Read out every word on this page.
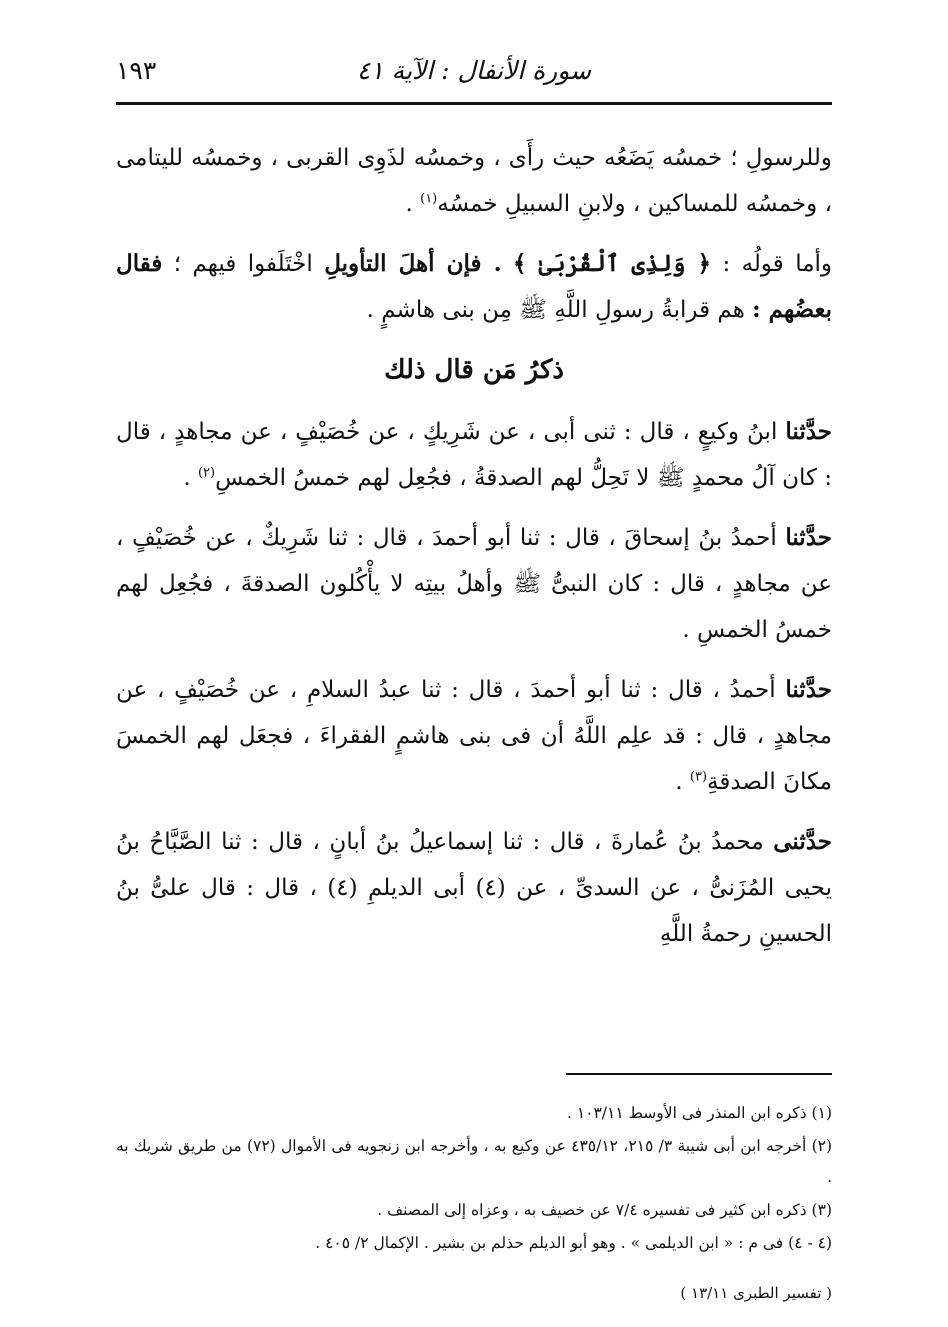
١٩٣	سورة الأنفال : الآية ٤١

وللرسولِ ؛ خمسُه يَضَعُه حيث رأَى ، وخمسُه لذَوِى القربى ، وخمسُه لليتامى ، وخمسُه للمساكين ، ولابنِ السبيلِ خمسُه$^{(١)}$ .

وأما قولُه : ﴿ وَلِذِى ٱلْقُرْبَىٰ ﴾ . فإن أهلَ التأويلِ اخْتَلَفوا فيهم ؛ فقال بعضُهم : هم قرابةُ رسولِ اللَّهِ ﷺ مِن بنى هاشمٍ .

ذكرُ مَن قال ذلك

حدَّثنا ابنُ وكيعٍ ، قال : ثنى أبى ، عن شَرِيكٍ ، عن خُصَيْفٍ ، عن مجاهدٍ ، قال : كان آلُ محمدٍ ﷺ لا تَحِلُّ لهم الصدقةُ ، فجُعِل لهم خمسُ الخمسِ$^{(٢)}$ .

حدَّثنا أحمدُ بنُ إسحاقَ ، قال : ثنا أبو أحمدَ ، قال : ثنا شَرِيكٌ ، عن خُصَيْفٍ ، عن مجاهدٍ ، قال : كان النبىُّ ﷺ وأهلُ بيتِه لا يأْكُلون الصدقةَ ، فجُعِل لهم خمسُ الخمسِ .

حدَّثنا أحمدُ ، قال : ثنا أبو أحمدَ ، قال : ثنا عبدُ السلامِ ، عن خُصَيْفٍ ، عن مجاهدٍ ، قال : قد علِم اللَّهُ أن فى بنى هاشمٍ الفقراءَ ، فجعَل لهم الخمسَ مكانَ الصدقةِ$^{(٣)}$ .

حدَّثنى محمدُ بنُ عُمارةَ ، قال : ثنا إسماعيلُ بنُ أبانٍ ، قال : ثنا الصَّبَّاحُ بنُ يحيى المُزَنىُّ ، عن السدىِّ ، عن (٤) أبى الديلمِ (٤) ، قال : قال علىُّ بنُ الحسينِ رحمةُ اللَّهِ

(١) ذكره ابن المنذر فى الأوسط ١٠٣/١١ .

(٢) أخرجه ابن أبى شيبة ٣/ ٢١٥، ٤٣٥/١٢ عن وكيع به ، وأخرجه ابن زنجويه فى الأموال (٧٢) من طريق شريك به .

(٣) ذكره ابن كثير فى تفسيره ٧/٤ عن خصيف به ، وعزاه إلى المصنف .

(٤ - ٤) فى م : « ابن الديلمى » . وهو أبو الديلم حذلم بن بشير . الإكمال ٢/ ٤٠٥ .

( تفسير الطبرى ١٣/١١ )
